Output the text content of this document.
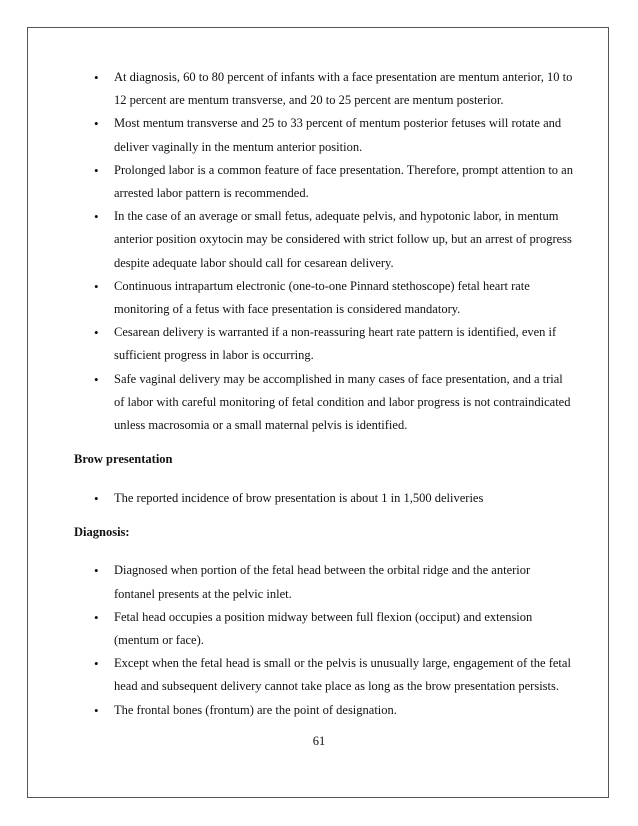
• At diagnosis, 60 to 80 percent of infants with a face presentation are mentum anterior, 10 to 12 percent are mentum transverse, and 20 to 25 percent are mentum posterior.
• Most mentum transverse and 25 to 33 percent of mentum posterior fetuses will rotate and deliver vaginally in the mentum anterior position.
• Prolonged labor is a common feature of face presentation. Therefore, prompt attention to an arrested labor pattern is recommended.
• In the case of an average or small fetus, adequate pelvis, and hypotonic labor, in mentum anterior position oxytocin may be considered with strict follow up, but an arrest of progress despite adequate labor should call for cesarean delivery.
• Continuous intrapartum electronic (one-to-one Pinnard stethoscope) fetal heart rate monitoring of a fetus with face presentation is considered mandatory.
• Cesarean delivery is warranted if a non-reassuring heart rate pattern is identified, even if sufficient progress in labor is occurring.
• Safe vaginal delivery may be accomplished in many cases of face presentation, and a trial of labor with careful monitoring of fetal condition and labor progress is not contraindicated unless macrosomia or a small maternal pelvis is identified.

Brow presentation

• The reported incidence of brow presentation is about 1 in 1,500 deliveries

Diagnosis:

• Diagnosed when portion of the fetal head between the orbital ridge and the anterior fontanel presents at the pelvic inlet.
• Fetal head occupies a position midway between full flexion (occiput) and extension (mentum or face).
• Except when the fetal head is small or the pelvis is unusually large, engagement of the fetal head and subsequent delivery cannot take place as long as the brow presentation persists.
• The frontal bones (frontum) are the point of designation.
61
